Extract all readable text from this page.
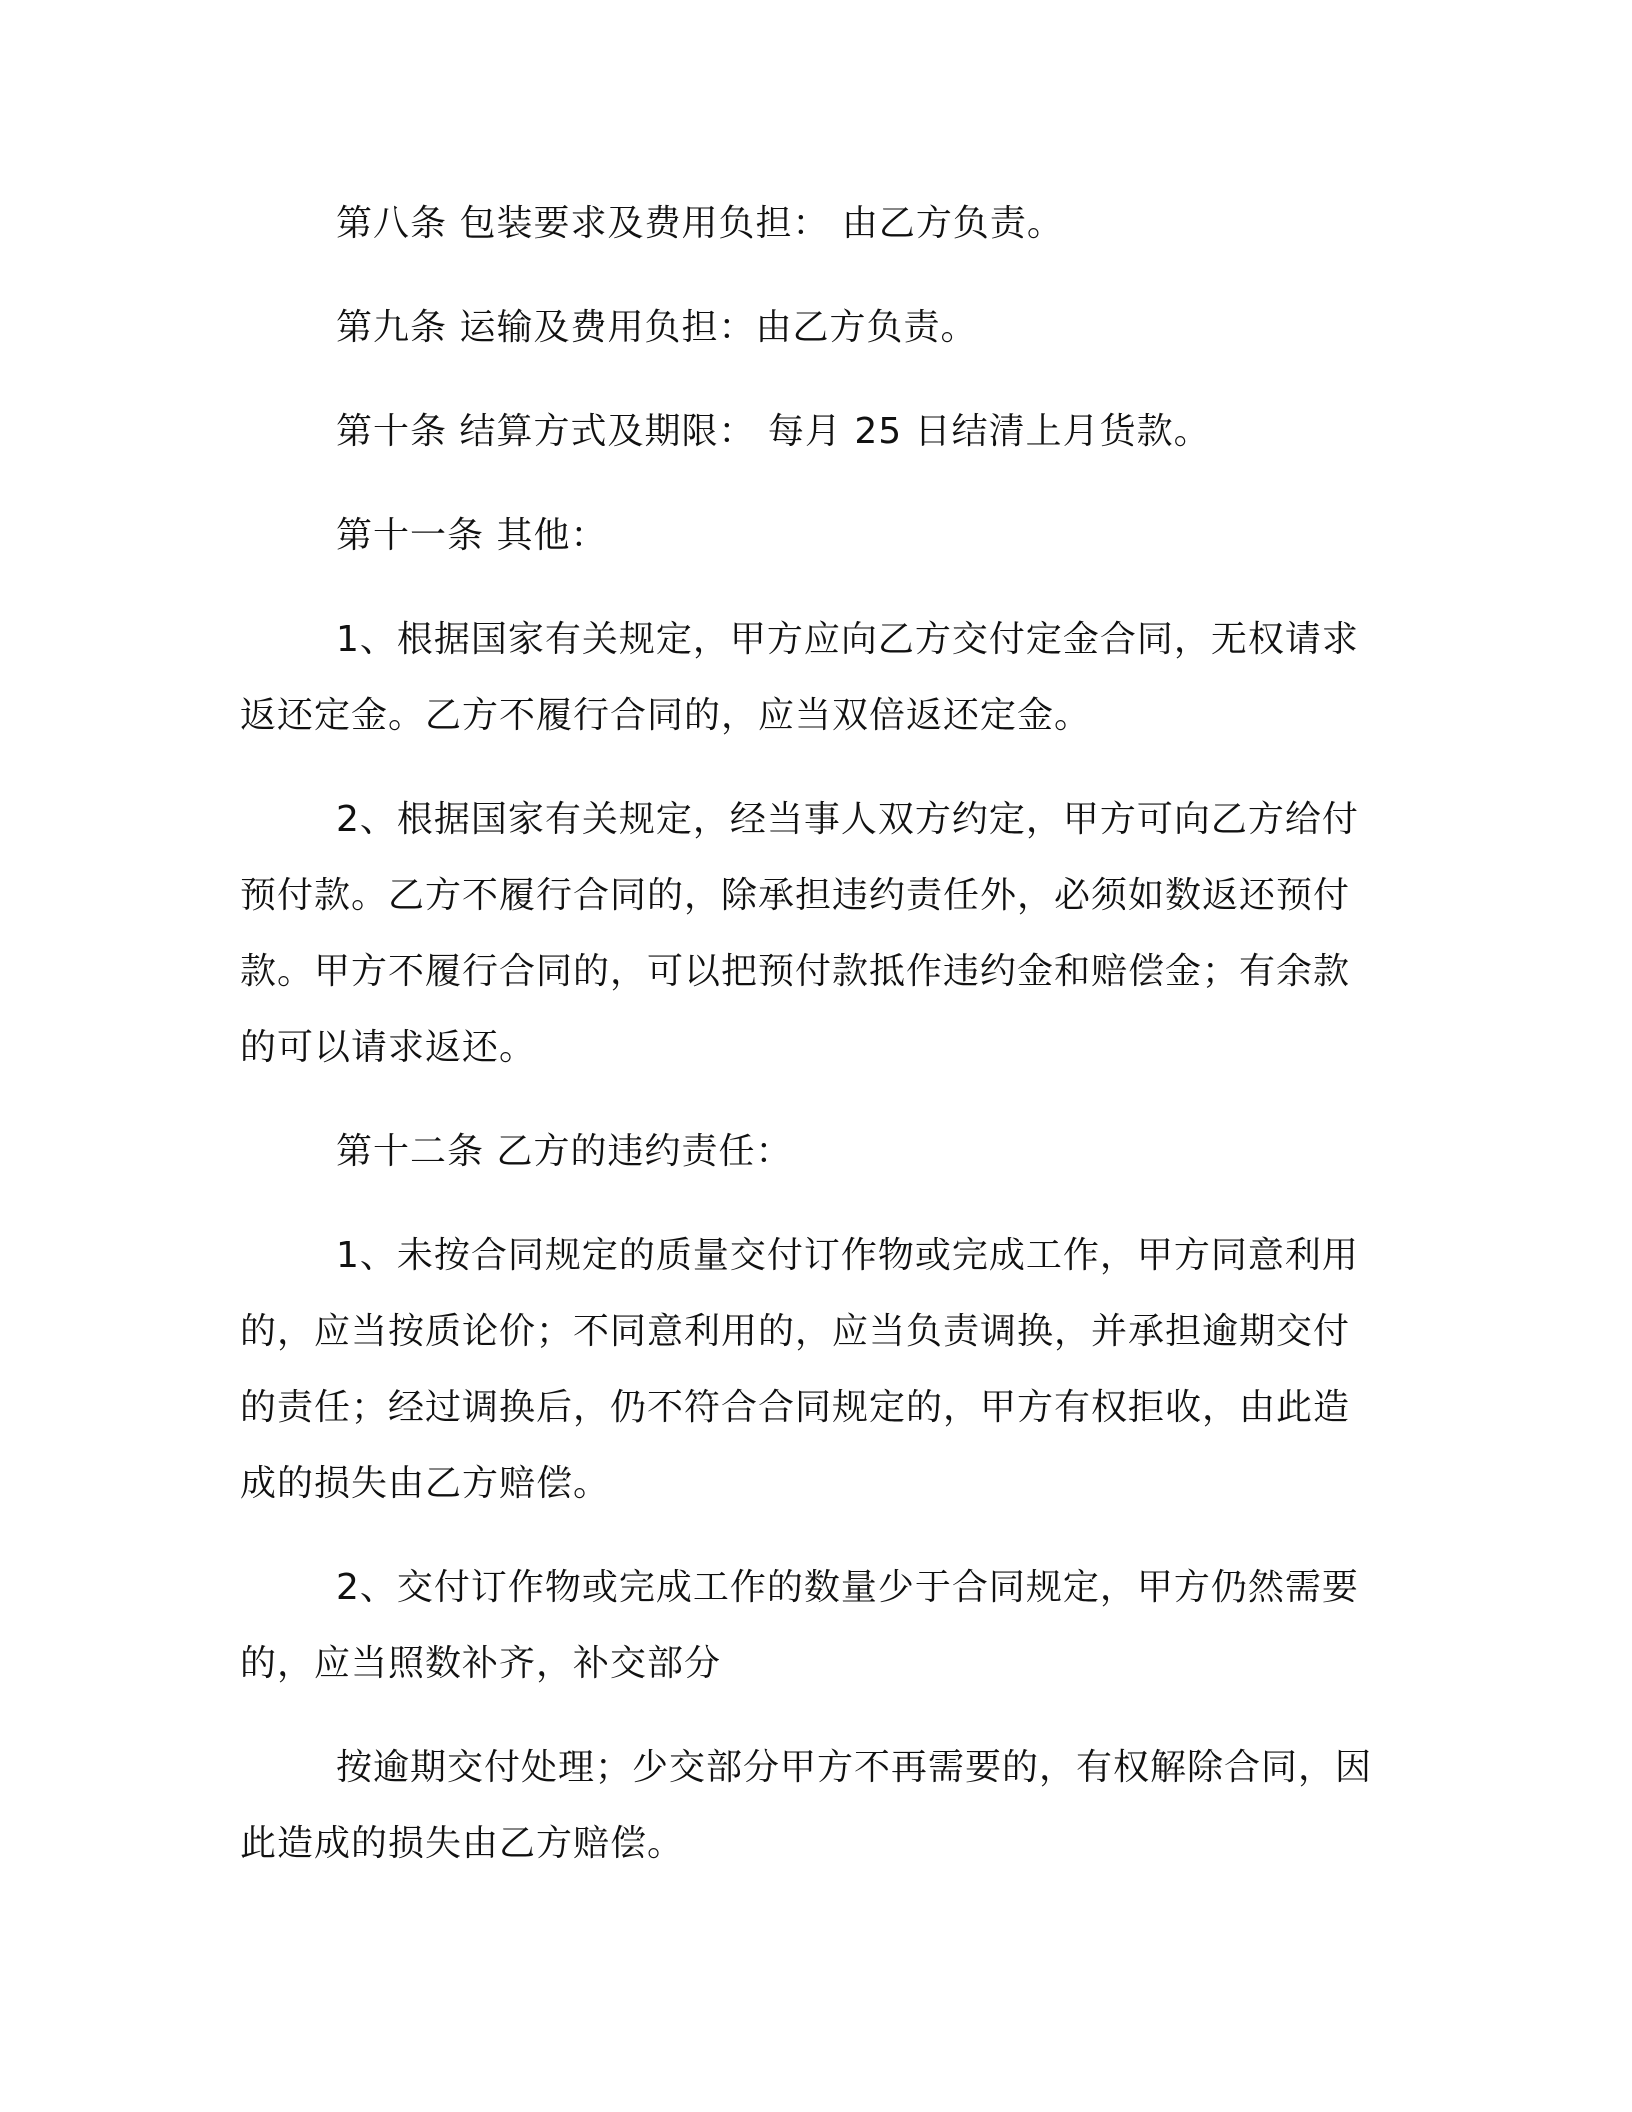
第八条 包装要求及费用负担： 由乙方负责。

第九条 运输及费用负担：由乙方负责。

第十条 结算方式及期限： 每月 25 日结清上月货款。

第十一条 其他：

1、根据国家有关规定，甲方应向乙方交付定金合同，无权请求
返还定金。乙方不履行合同的，应当双倍返还定金。

2、根据国家有关规定，经当事人双方约定，甲方可向乙方给付
预付款。乙方不履行合同的，除承担违约责任外，必须如数返还预付
款。甲方不履行合同的，可以把预付款抵作违约金和赔偿金；有余款
的可以请求返还。

第十二条 乙方的违约责任：

1、未按合同规定的质量交付订作物或完成工作，甲方同意利用
的，应当按质论价；不同意利用的，应当负责调换，并承担逾期交付
的责任；经过调换后，仍不符合合同规定的，甲方有权拒收，由此造
成的损失由乙方赔偿。

2、交付订作物或完成工作的数量少于合同规定，甲方仍然需要
的，应当照数补齐，补交部分

按逾期交付处理；少交部分甲方不再需要的，有权解除合同，因
此造成的损失由乙方赔偿。
